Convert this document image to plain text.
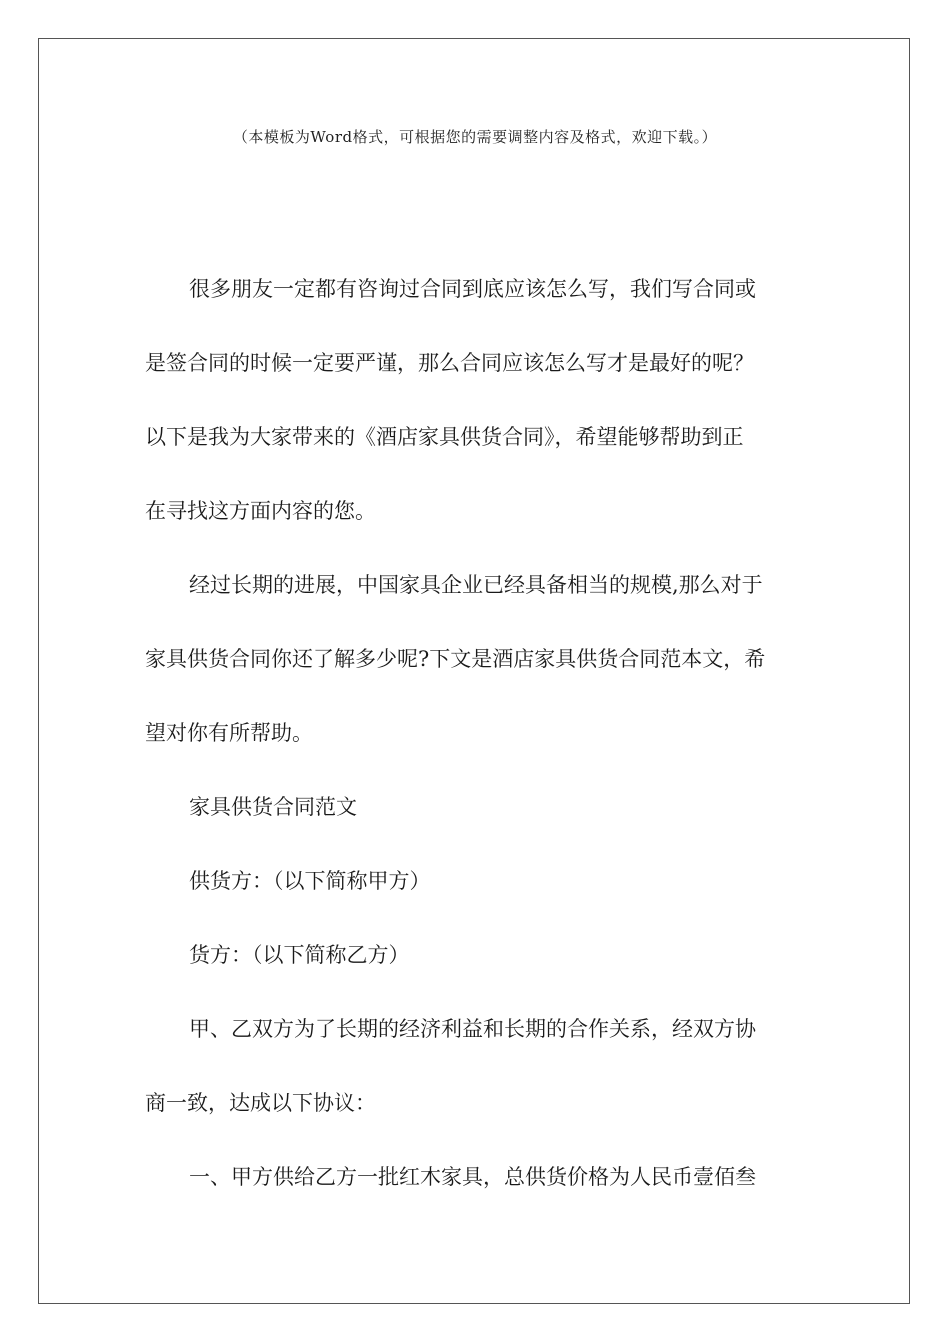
（本模板为Word格式，可根据您的需要调整内容及格式，欢迎下载。）
很多朋友一定都有咨询过合同到底应该怎么写，我们写合同或
是签合同的时候一定要严谨，那么合同应该怎么写才是最好的呢？
以下是我为大家带来的《酒店家具供货合同》，希望能够帮助到正
在寻找这方面内容的您。
经过长期的进展，中国家具企业已经具备相当的规模,那么对于
家具供货合同你还了解多少呢?下文是酒店家具供货合同范本文，希
望对你有所帮助。
家具供货合同范文
供货方：（以下简称甲方）
货方：（以下简称乙方）
甲、乙双方为了长期的经济利益和长期的合作关系，经双方协
商一致，达成以下协议：
一、甲方供给乙方一批红木家具，总供货价格为人民币壹佰叁
